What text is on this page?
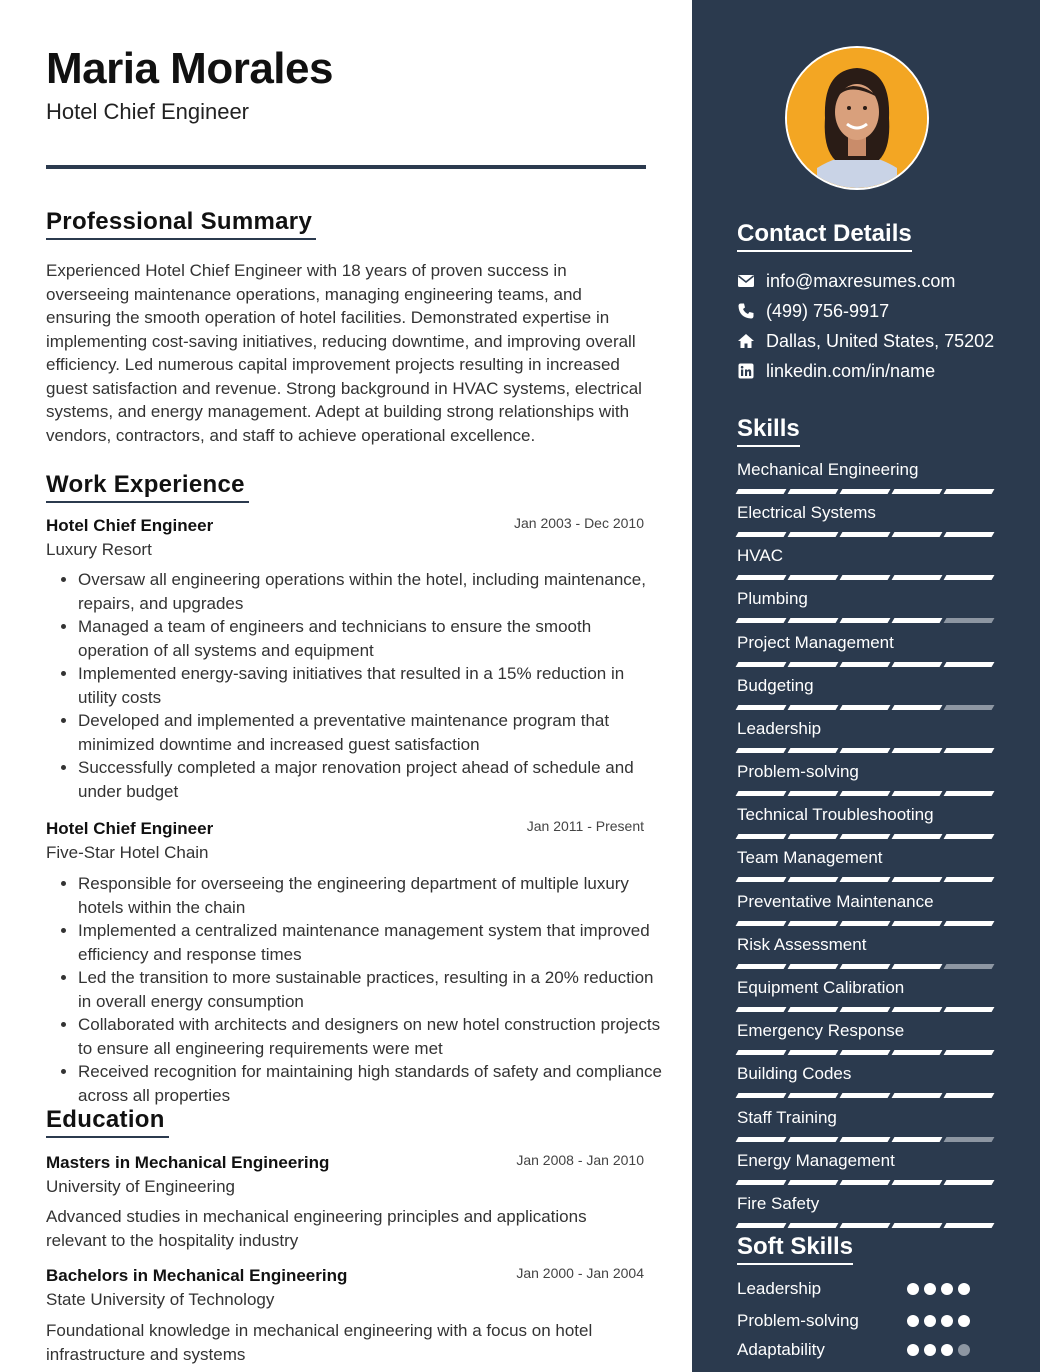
Maria Morales
Hotel Chief Engineer
Professional Summary

Experienced Hotel Chief Engineer with 18 years of proven success in overseeing maintenance operations, managing engineering teams, and ensuring the smooth operation of hotel facilities. Demonstrated expertise in implementing cost-saving initiatives, reducing downtime, and improving overall efficiency. Led numerous capital improvement projects resulting in increased guest satisfaction and revenue. Strong background in HVAC systems, electrical systems, and energy management. Adept at building strong relationships with vendors, contractors, and staff to achieve operational excellence.

Work Experience
Hotel Chief Engineer	Jan 2003 - Dec 2010
Luxury Resort
• Oversaw all engineering operations within the hotel, including maintenance, repairs, and upgrades
• Managed a team of engineers and technicians to ensure the smooth operation of all systems and equipment
• Implemented energy-saving initiatives that resulted in a 15% reduction in utility costs
• Developed and implemented a preventative maintenance program that minimized downtime and increased guest satisfaction
• Successfully completed a major renovation project ahead of schedule and under budget
Hotel Chief Engineer	Jan 2011 - Present
Five-Star Hotel Chain
• Responsible for overseeing the engineering department of multiple luxury hotels within the chain
• Implemented a centralized maintenance management system that improved efficiency and response times
• Led the transition to more sustainable practices, resulting in a 20% reduction in overall energy consumption
• Collaborated with architects and designers on new hotel construction projects to ensure all engineering requirements were met
• Received recognition for maintaining high standards of safety and compliance across all properties
Education
Masters in Mechanical Engineering	Jan 2008 - Jan 2010
University of Engineering

Advanced studies in mechanical engineering principles and applications relevant to the hospitality industry

Bachelors in Mechanical Engineering	Jan 2000 - Jan 2004
State University of Technology

Foundational knowledge in mechanical engineering with a focus on hotel infrastructure and systems

Contact Details
info@maxresumes.com
(499) 756-9917
Dallas, United States, 75202
linkedin.com/in/name
Skills
Mechanical Engineering
Electrical Systems
HVAC
Plumbing
Project Management
Budgeting
Leadership
Problem-solving
Technical Troubleshooting
Team Management
Preventative Maintenance
Risk Assessment
Equipment Calibration
Emergency Response
Building Codes
Staff Training
Energy Management
Fire Safety
Soft Skills
Leadership
Problem-solving
Adaptability
